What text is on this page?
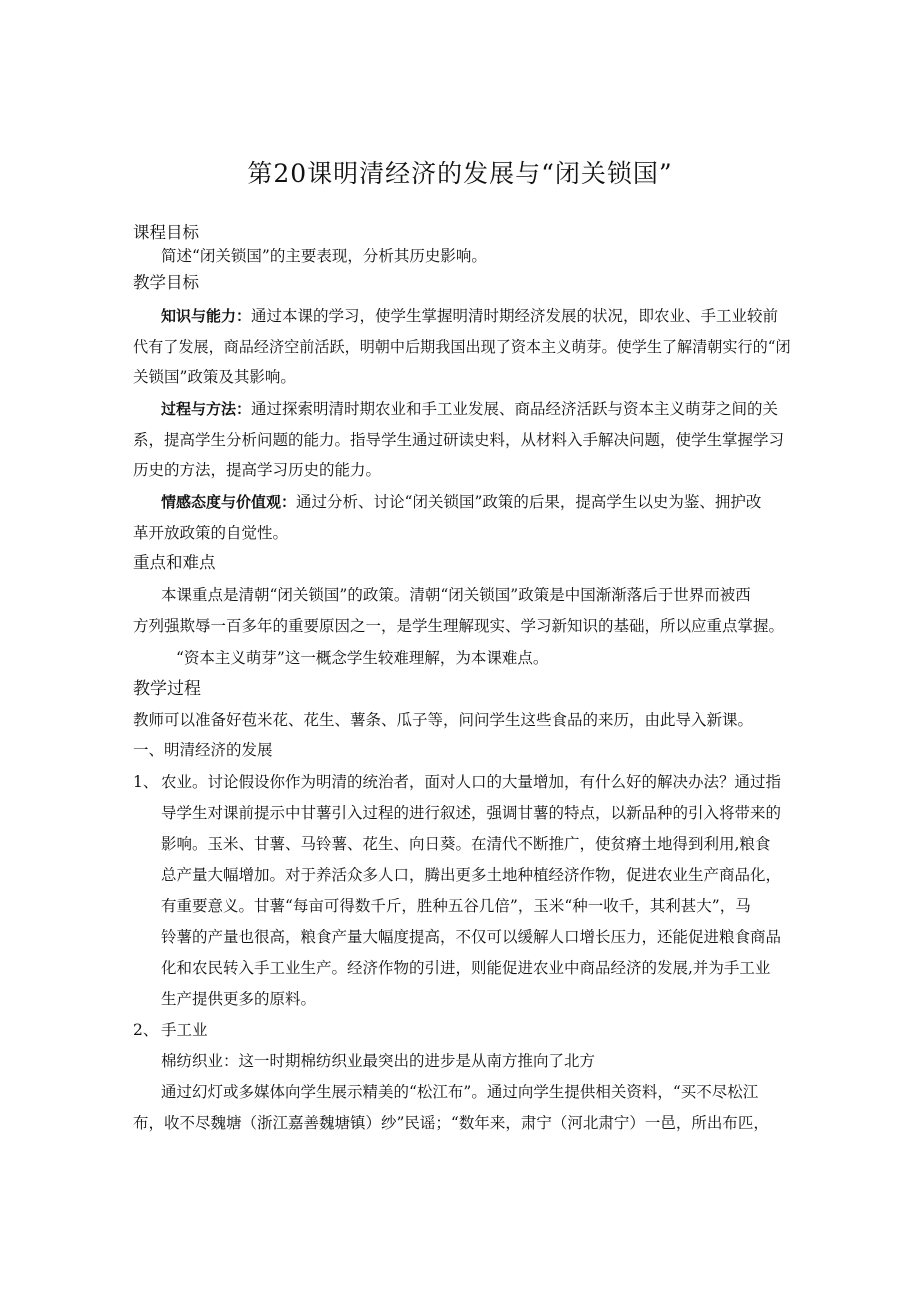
第20课明清经济的发展与“闭关锁国”
课程目标
简述“闭关锁国”的主要表现，分析其历史影响。
教学目标
知识与能力：通过本课的学习，使学生掌握明清时期经济发展的状况，即农业、手工业较前
代有了发展，商品经济空前活跃，明朝中后期我国出现了资本主义萌芽。使学生了解清朝实行的“闭
关锁国”政策及其影响。
过程与方法：通过探索明清时期农业和手工业发展、商品经济活跃与资本主义萌芽之间的关
系，提高学生分析问题的能力。指导学生通过研读史料，从材料入手解决问题，使学生掌握学习
历史的方法，提高学习历史的能力。
情感态度与价值观：通过分析、讨论“闭关锁国”政策的后果，提高学生以史为鉴、拥护改
革开放政策的自觉性。
重点和难点
本课重点是清朝“闭关锁国”的政策。清朝“闭关锁国”政策是中国渐渐落后于世界而被西
方列强欺辱一百多年的重要原因之一，是学生理解现实、学习新知识的基础，所以应重点掌握。
“资本主义萌芽”这一概念学生较难理解，为本课难点。
教学过程
教师可以准备好苞米花、花生、薯条、瓜子等，问问学生这些食品的来历，由此导入新课。
一、明清经济的发展
1、 农业。讨论假设你作为明清的统治者，面对人口的大量增加，有什么好的解决办法？通过指
导学生对课前提示中甘薯引入过程的进行叙述，强调甘薯的特点，以新品种的引入将带来的
影响。玉米、甘薯、马铃薯、花生、向日葵。在清代不断推广，使贫瘠土地得到利用,粮食
总产量大幅增加。对于养活众多人口，腾出更多土地种植经济作物，促进农业生产商品化，
有重要意义。甘薯“每亩可得数千斤，胜种五谷几倍”，玉米“种一收千，其利甚大”，马
铃薯的产量也很高，粮食产量大幅度提高，不仅可以缓解人口增长压力，还能促进粮食商品
化和农民转入手工业生产。经济作物的引进，则能促进农业中商品经济的发展,并为手工业
生产提供更多的原料。
2、 手工业
棉纺织业：这一时期棉纺织业最突出的进步是从南方推向了北方
通过幻灯或多媒体向学生展示精美的“松江布”。通过向学生提供相关资料，“买不尽松江
布，收不尽魏塘（浙江嘉善魏塘镇）纱”民谣；“数年来，肃宁（河北肃宁）一邑，所出布匹，
